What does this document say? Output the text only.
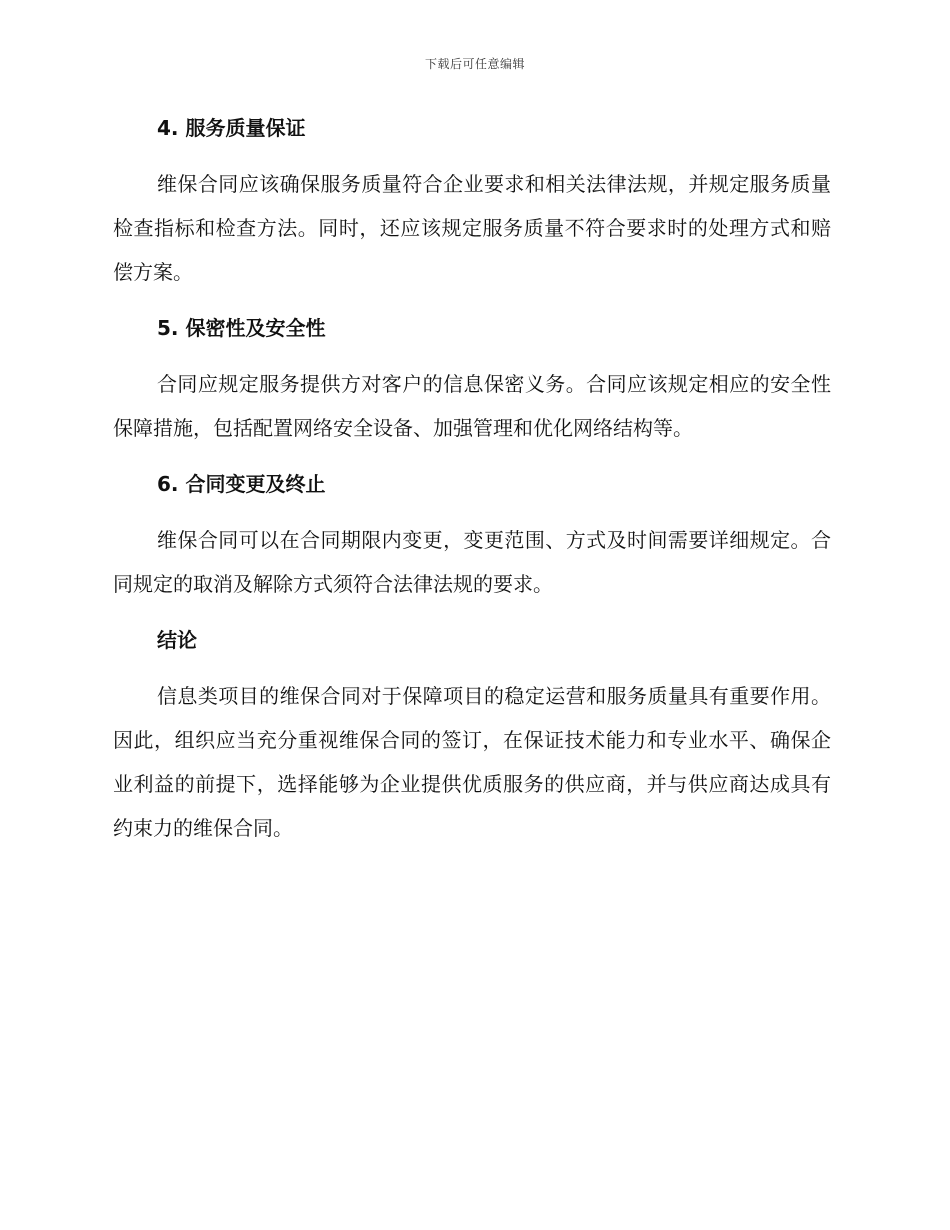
下载后可任意编辑
4. 服务质量保证

维保合同应该确保服务质量符合企业要求和相关法律法规，并规定服务质量检查指标和检查方法。同时，还应该规定服务质量不符合要求时的处理方式和赔偿方案。

5. 保密性及安全性

合同应规定服务提供方对客户的信息保密义务。合同应该规定相应的安全性保障措施，包括配置网络安全设备、加强管理和优化网络结构等。

6. 合同变更及终止

维保合同可以在合同期限内变更，变更范围、方式及时间需要详细规定。合同规定的取消及解除方式须符合法律法规的要求。

结论

信息类项目的维保合同对于保障项目的稳定运营和服务质量具有重要作用。因此，组织应当充分重视维保合同的签订，在保证技术能力和专业水平、确保企业利益的前提下，选择能够为企业提供优质服务的供应商，并与供应商达成具有约束力的维保合同。
